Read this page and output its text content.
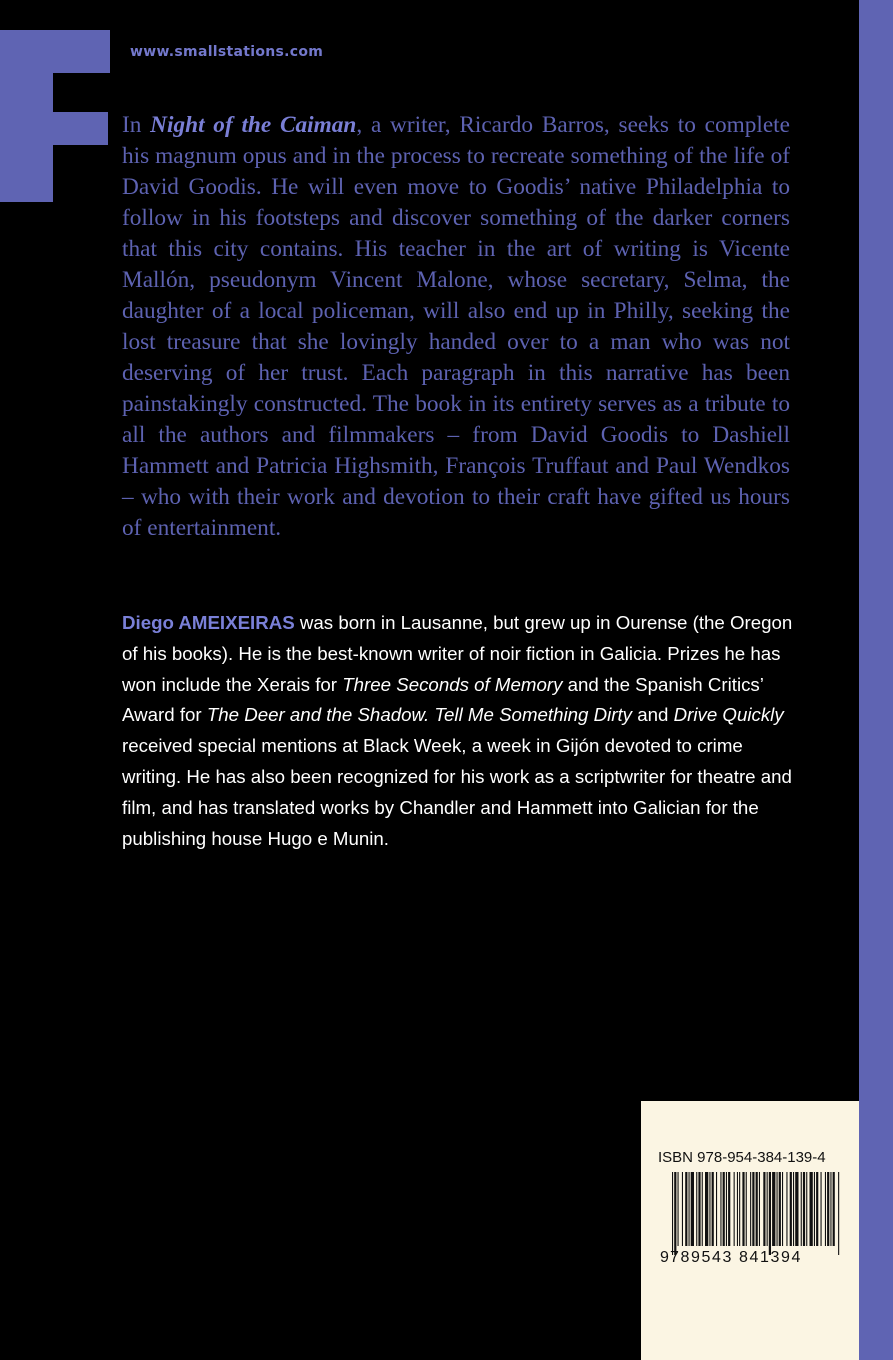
www.smallstations.com

In Night of the Caiman, a writer, Ricardo Barros, seeks to complete his magnum opus and in the process to recreate something of the life of David Goodis. He will even move to Goodis’ native Philadelphia to follow in his footsteps and discover something of the darker corners that this city contains. His teacher in the art of writing is Vicente Mallón, pseudonym Vincent Malone, whose secretary, Selma, the daughter of a local policeman, will also end up in Philly, seeking the lost treasure that she lovingly handed over to a man who was not deserving of her trust. Each paragraph in this narrative has been painstakingly constructed. The book in its entirety serves as a tribute to all the authors and filmmakers – from David Goodis to Dashiell Hammett and Patricia Highsmith, François Truffaut and Paul Wendkos – who with their work and devotion to their craft have gifted us hours of entertainment.

Diego AMEIXEIRAS was born in Lausanne, but grew up in Ourense (the Oregon of his books). He is the best-known writer of noir fiction in Galicia. Prizes he has won include the Xerais for Three Seconds of Memory and the Spanish Critics’ Award for The Deer and the Shadow. Tell Me Something Dirty and Drive Quickly received special mentions at Black Week, a week in Gijón devoted to crime writing. He has also been recognized for his work as a scriptwriter for theatre and film, and has translated works by Chandler and Hammett into Galician for the publishing house Hugo e Munin.

ISBN 978-954-384-139-4
9 789543 841394
